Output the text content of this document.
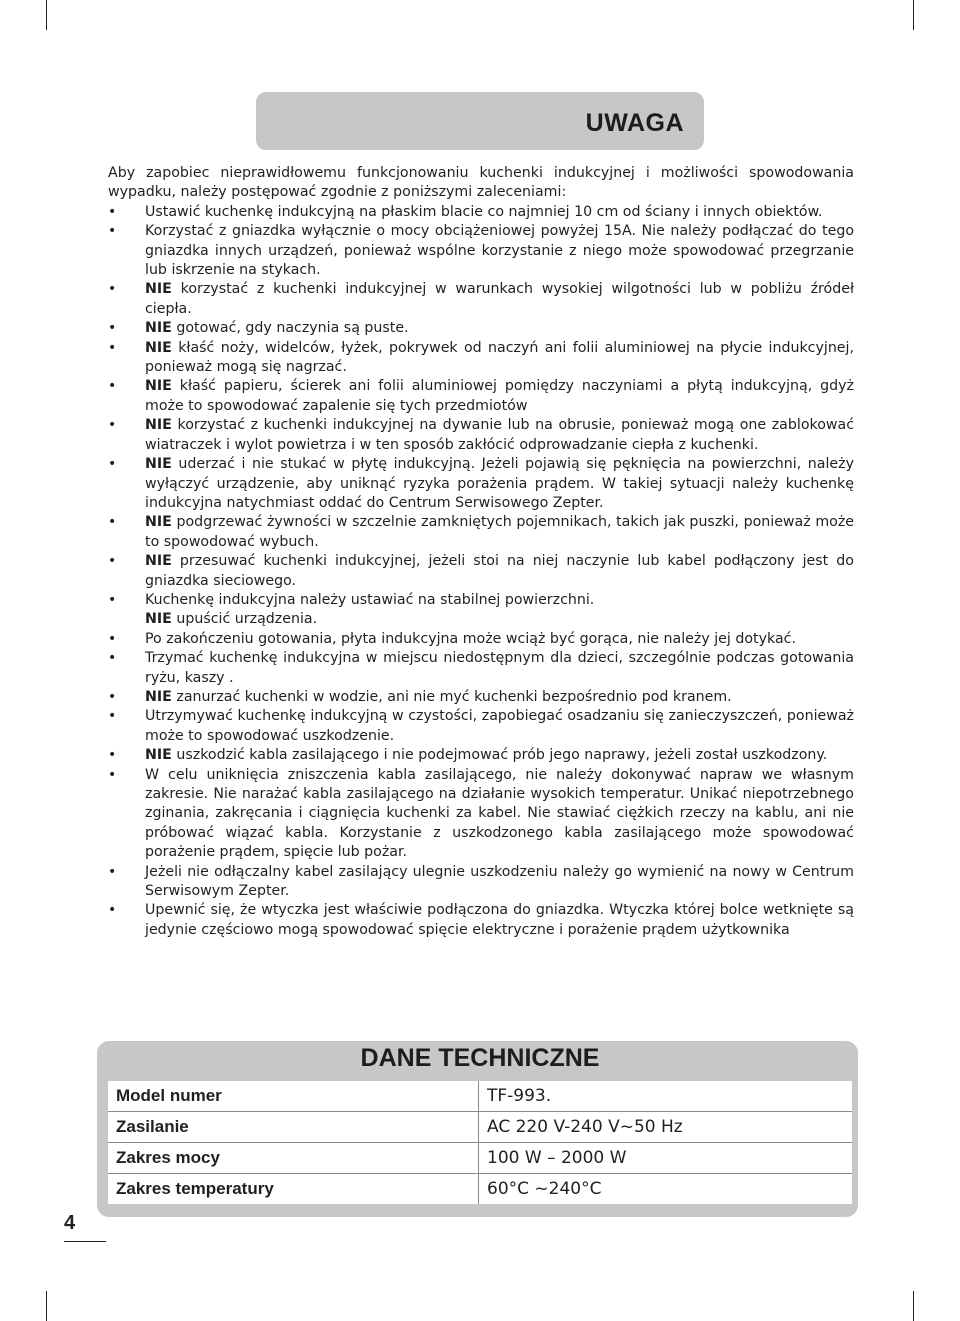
UWAGA

Aby zapobiec nieprawidłowemu funkcjonowaniu kuchenki indukcyjnej i możliwości spowodowania wypadku, należy postępować zgodnie z poniższymi zaleceniami:

• Ustawić kuchenkę indukcyjną na płaskim blacie co najmniej 10 cm od ściany i innych obiektów.
• Korzystać z gniazdka wyłącznie o mocy obciążeniowej powyżej 15A. Nie należy podłączać do tego gniazdka innych urządzeń, ponieważ wspólne korzystanie z niego może spowodować przegrzanie lub iskrzenie na stykach.
• NIE korzystać z kuchenki indukcyjnej w warunkach wysokiej wilgotności lub w pobliżu źródeł ciepła.
• NIE gotować, gdy naczynia są puste.
• NIE kłaść noży, widelców, łyżek, pokrywek od naczyń ani folii aluminiowej na płycie indukcyjnej, ponieważ mogą się nagrzać.
• NIE kłaść papieru, ścierek ani folii aluminiowej pomiędzy naczyniami a płytą indukcyjną, gdyż może to spowodować zapalenie się tych przedmiotów
• NIE korzystać z kuchenki indukcyjnej na dywanie lub na obrusie, ponieważ mogą one zablokować wiatraczek i wylot powietrza i w ten sposób zakłócić odprowadzanie ciepła z kuchenki.
• NIE uderzać i nie stukać w płytę indukcyjną. Jeżeli pojawią się pęknięcia na powierzchni, należy wyłączyć urządzenie, aby uniknąć ryzyka porażenia prądem. W takiej sytuacji należy kuchenkę indukcyjna natychmiast oddać do Centrum Serwisowego Zepter.
• NIE podgrzewać żywności w szczelnie zamkniętych pojemnikach, takich jak puszki, ponieważ może to spowodować wybuch.
• NIE przesuwać kuchenki indukcyjnej, jeżeli stoi na niej naczynie lub kabel podłączony jest do gniazdka sieciowego.
• Kuchenkę indukcyjna należy ustawiać na stabilnej powierzchni.
NIE upuścić urządzenia.
• Po zakończeniu gotowania, płyta indukcyjna może wciąż być gorąca, nie należy jej dotykać.
• Trzymać kuchenkę indukcyjna w miejscu niedostępnym dla dzieci, szczególnie podczas gotowania ryżu, kaszy .
• NIE zanurzać kuchenki w wodzie, ani nie myć kuchenki bezpośrednio pod kranem.
• Utrzymywać kuchenkę indukcyjną w czystości, zapobiegać osadzaniu się zanieczyszczeń, ponieważ może to spowodować uszkodzenie.
• NIE uszkodzić kabla zasilającego i nie podejmować prób jego naprawy, jeżeli został uszkodzony.
• W celu uniknięcia zniszczenia kabla zasilającego, nie należy dokonywać napraw we własnym zakresie. Nie narażać kabla zasilającego na działanie wysokich temperatur. Unikać niepotrzebnego zginania, zakręcania i ciągnięcia kuchenki za kabel. Nie stawiać ciężkich rzeczy na kablu, ani nie próbować wiązać kabla. Korzystanie z uszkodzonego kabla zasilającego może spowodować porażenie prądem, spięcie lub pożar.
• Jeżeli nie odłączalny kabel zasilający ulegnie uszkodzeniu należy go wymienić na nowy w Centrum Serwisowym Zepter.
• Upewnić się, że wtyczka jest właściwie podłączona do gniazdka. Wtyczka której bolce wetknięte są jedynie częściowo mogą spowodować spięcie elektryczne i porażenie prądem użytkownika
DANE TECHNICZNE
Model numer	TF-993.
Zasilanie	AC 220 V-240 V~50 Hz
Zakres mocy	100 W – 2000 W
Zakres temperatury	60°C ~240°C
4
